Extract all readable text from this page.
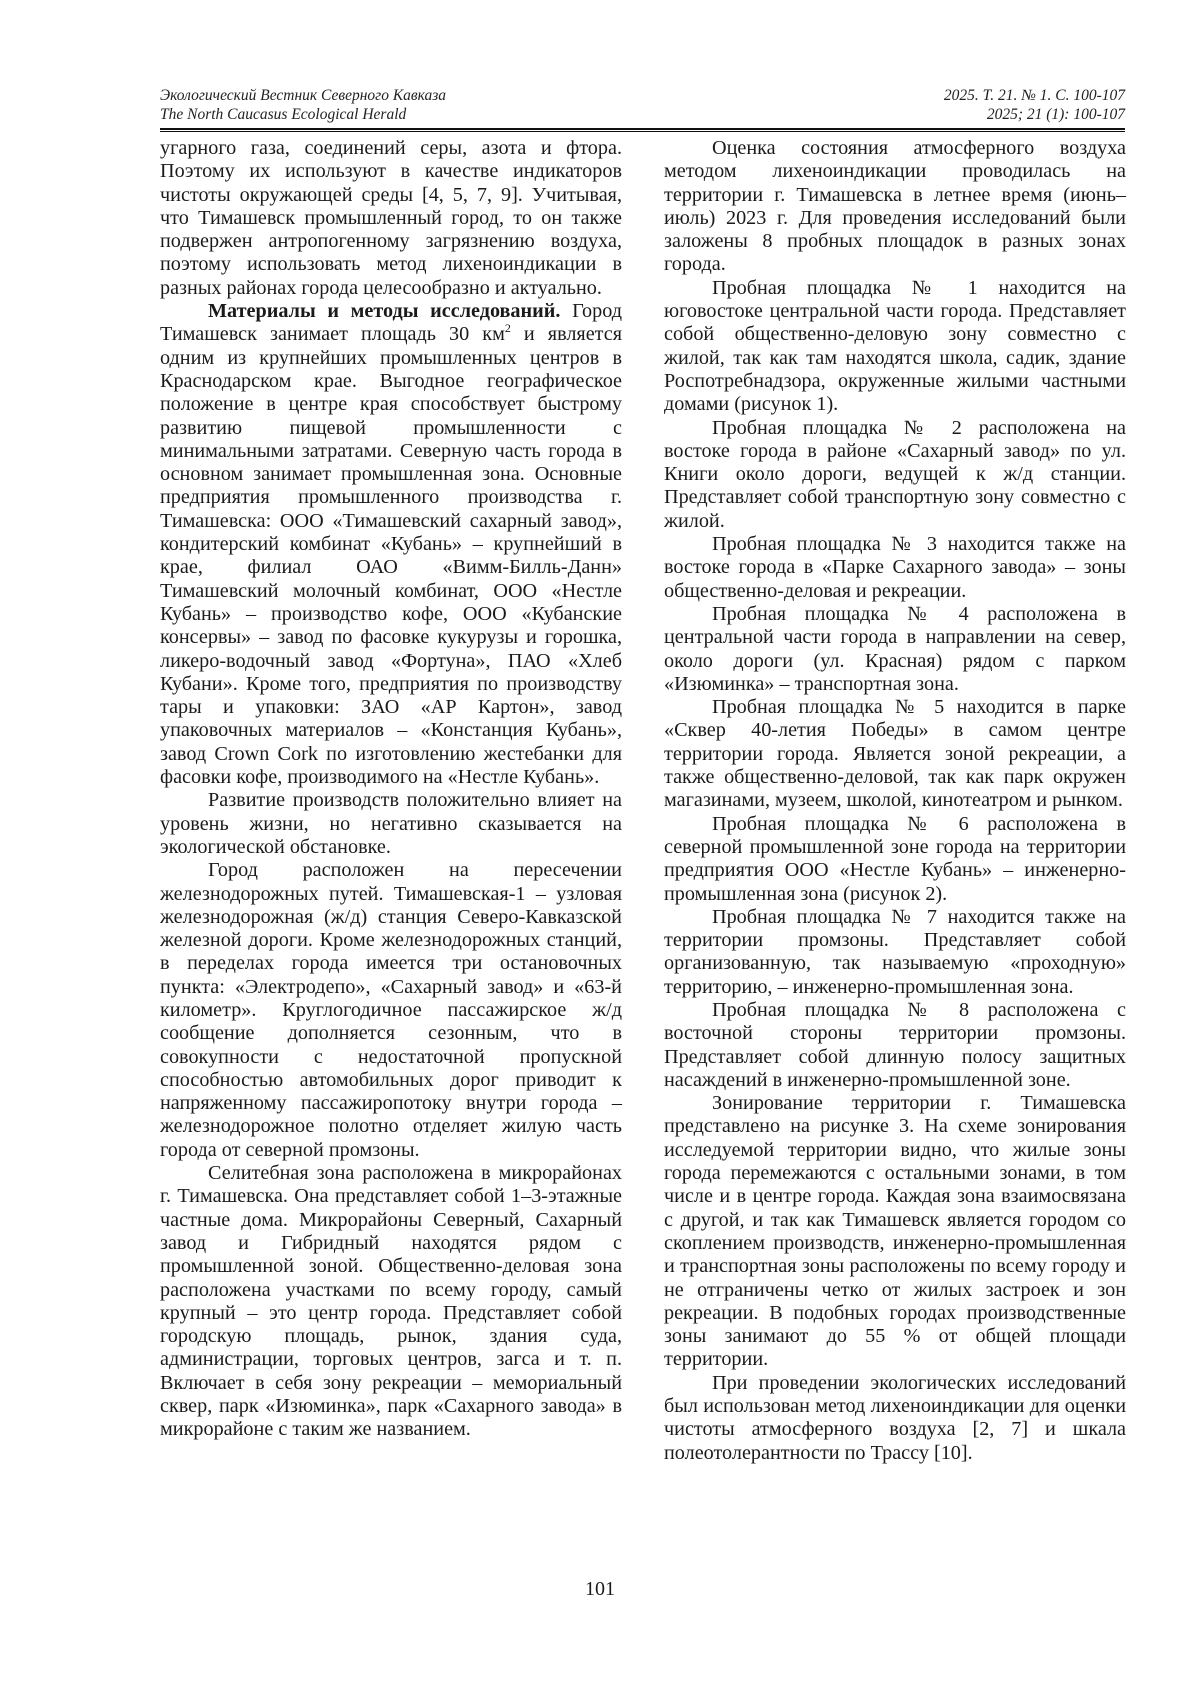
Экологический Вестник Северного Кавказа	2025. Т. 21. № 1. С. 100-107
The North Caucasus Ecological Herald	2025; 21 (1): 100-107

угарного газа, соединений серы, азота и фтора. Поэтому их используют в качестве индикаторов чистоты окружающей среды [4, 5, 7, 9]. Учитывая, что Тимашевск промышленный город, то он также подвержен антропогенному загрязнению воздуха, поэтому использовать метод лихеноиндикации в разных районах города целесообразно и актуально.

Материалы и методы исследований. Город Тимашевск занимает площадь 30 $км^2$ и является одним из крупнейших промышленных центров в Краснодарском крае. Выгодное географическое положение в центре края способствует быстрому развитию пищевой промышленности с минимальными затратами. Северную часть города в основном занимает промышленная зона. Основные предприятия промышленного производства г. Тимашевска: ООО «Тимашевский сахарный завод», кондитерский комбинат «Кубань» – крупнейший в крае, филиал ОАО «Вимм-Билль-Данн» Тимашевский молочный комбинат, ООО «Нестле Кубань» – производство кофе, ООО «Кубанские консервы» – завод по фасовке кукурузы и горошка, ликеро-водочный завод «Фортуна», ПАО «Хлеб Кубани». Кроме того, предприятия по производству тары и упаковки: ЗАО «АР Картон», завод упаковочных материалов – «Констанция Кубань», завод Crown Cork по изготовлению жестебанки для фасовки кофе, производимого на «Нестле Кубань».

Развитие производств положительно влияет на уровень жизни, но негативно сказывается на экологической обстановке.

Город расположен на пересечении железнодорожных путей. Тимашевская-1 – узловая железнодорожная (ж/д) станция Северо-Кавказской железной дороги. Кроме железнодорожных станций, в переделах города имеется три остановочных пункта: «Электродепо», «Сахарный завод» и «63-й километр». Круглогодичное пассажирское ж/д сообщение дополняется сезонным, что в совокупности с недостаточной пропускной способностью автомобильных дорог приводит к напряженному пассажиропотоку внутри города – железнодорожное полотно отделяет жилую часть города от северной промзоны.

Селитебная зона расположена в микрорайонах г. Тимашевска. Она представляет собой 1–3-этажные частные дома. Микрорайоны Северный, Сахарный завод и Гибридный находятся рядом с промышленной зоной. Общественно-деловая зона расположена участками по всему городу, самый крупный – это центр города. Представляет собой городскую площадь, рынок, здания суда, администрации, торговых центров, загса и т. п. Включает в себя зону рекреации – мемориальный сквер, парк «Изюминка», парк «Сахарного завода» в микрорайоне с таким же названием.

Оценка состояния атмосферного воздуха методом лихеноиндикации проводилась на территории г. Тимашевска в летнее время (июнь–июль) 2023 г. Для проведения исследований были заложены 8 пробных площадок в разных зонах города.

Пробная площадка № 1 находится на юговостоке центральной части города. Представляет собой общественно-деловую зону совместно с жилой, так как там находятся школа, садик, здание Роспотребнадзора, окруженные жилыми частными домами (рисунок 1).

Пробная площадка № 2 расположена на востоке города в районе «Сахарный завод» по ул. Книги около дороги, ведущей к ж/д станции. Представляет собой транспортную зону совместно с жилой.

Пробная площадка № 3 находится также на востоке города в «Парке Сахарного завода» – зоны общественно-деловая и рекреации.

Пробная площадка № 4 расположена в центральной части города в направлении на север, около дороги (ул. Красная) рядом с парком «Изюминка» – транспортная зона.

Пробная площадка № 5 находится в парке «Сквер 40-летия Победы» в самом центре территории города. Является зоной рекреации, а также общественно-деловой, так как парк окружен магазинами, музеем, школой, кинотеатром и рынком.

Пробная площадка № 6 расположена в северной промышленной зоне города на территории предприятия ООО «Нестле Кубань» – инженерно-промышленная зона (рисунок 2).

Пробная площадка № 7 находится также на территории промзоны. Представляет собой организованную, так называемую «проходную» территорию, – инженерно-промышленная зона.

Пробная площадка № 8 расположена с восточной стороны территории промзоны. Представляет собой длинную полосу защитных насаждений в инженерно-промышленной зоне.

Зонирование территории г. Тимашевска представлено на рисунке 3. На схеме зонирования исследуемой территории видно, что жилые зоны города перемежаются с остальными зонами, в том числе и в центре города. Каждая зона взаимосвязана с другой, и так как Тимашевск является городом со скоплением производств, инженерно-промышленная и транспортная зоны расположены по всему городу и не отграничены четко от жилых застроек и зон рекреации. В подобных городах производственные зоны занимают до 55 % от общей площади территории.

При проведении экологических исследований был использован метод лихеноиндикации для оценки чистоты атмосферного воздуха [2, 7] и шкала полеотолерантности по Трассу [10].

101
